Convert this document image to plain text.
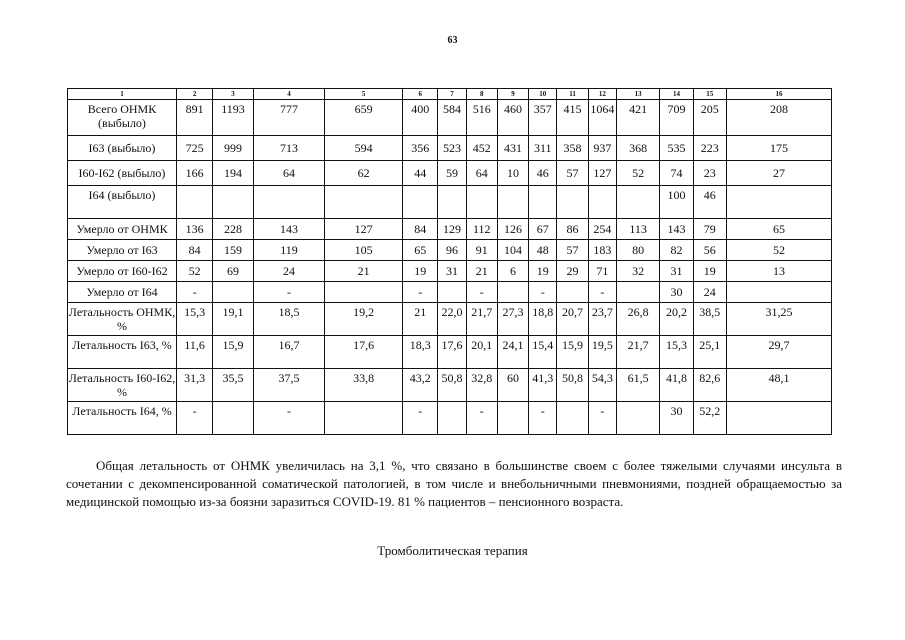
63
1	2	3	4	5	6	7	8	9	10	11	12	13	14	15	16
Всего ОНМК (выбыло)	891	1193	777	659	400	584	516	460	357	415	1064	421	709	205	208
I63 (выбыло)	725	999	713	594	356	523	452	431	311	358	937	368	535	223	175
I60-I62 (выбыло)	166	194	64	62	44	59	64	10	46	57	127	52	74	23	27
I64 (выбыло)													100	46	
Умерло от ОНМК	136	228	143	127	84	129	112	126	67	86	254	113	143	79	65
Умерло от I63	84	159	119	105	65	96	91	104	48	57	183	80	82	56	52
Умерло от I60-I62	52	69	24	21	19	31	21	6	19	29	71	32	31	19	13
Умерло от I64	-		-		-		-		-		-		30	24	
Летальность ОНМК, %	15,3	19,1	18,5	19,2	21	22,0	21,7	27,3	18,8	20,7	23,7	26,8	20,2	38,5	31,25
Летальность I63, %	11,6	15,9	16,7	17,6	18,3	17,6	20,1	24,1	15,4	15,9	19,5	21,7	15,3	25,1	29,7
Летальность I60-I62, %	31,3	35,5	37,5	33,8	43,2	50,8	32,8	60	41,3	50,8	54,3	61,5	41,8	82,6	48,1
Летальность I64, %	-		-		-		-		-		-		30	52,2	
Общая летальность от ОНМК увеличилась на 3,1 %, что связано в большинстве своем с более тяжелыми случаями инсульта в сочетании с декомпенсированной соматической патологией, в том числе и внебольничными пневмониями, поздней обращаемостью за медицинской помощью из-за боязни заразиться COVID-19. 81 % пациентов – пенсионного возраста.
Тромболитическая терапия
